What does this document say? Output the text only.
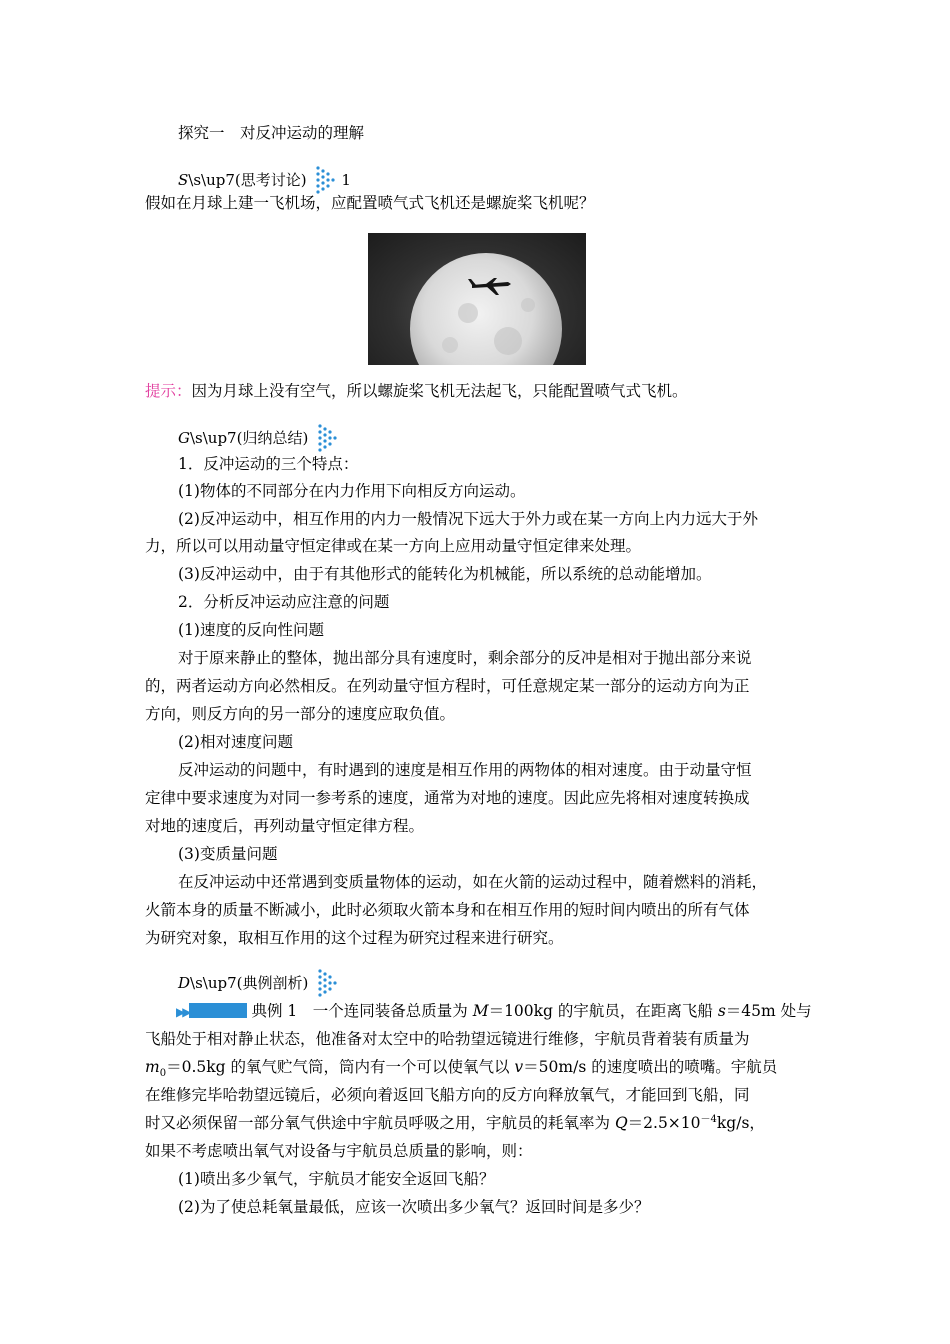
探究一　对反冲运动的理解
S\s\up7(思考讨论) 1
假如在月球上建一飞机场，应配置喷气式飞机还是螺旋桨飞机呢？
提示：因为月球上没有空气，所以螺旋桨飞机无法起飞，只能配置喷气式飞机。
G\s\up7(归纳总结)
1．反冲运动的三个特点：
(1)物体的不同部分在内力作用下向相反方向运动。
(2)反冲运动中，相互作用的内力一般情况下远大于外力或在某一方向上内力远大于外
力，所以可以用动量守恒定律或在某一方向上应用动量守恒定律来处理。
(3)反冲运动中，由于有其他形式的能转化为机械能，所以系统的总动能增加。
2．分析反冲运动应注意的问题
(1)速度的反向性问题
对于原来静止的整体，抛出部分具有速度时，剩余部分的反冲是相对于抛出部分来说
的，两者运动方向必然相反。在列动量守恒方程时，可任意规定某一部分的运动方向为正
方向，则反方向的另一部分的速度应取负值。
(2)相对速度问题
反冲运动的问题中，有时遇到的速度是相互作用的两物体的相对速度。由于动量守恒
定律中要求速度为对同一参考系的速度，通常为对地的速度。因此应先将相对速度转换成
对地的速度后，再列动量守恒定律方程。
(3)变质量问题
在反冲运动中还常遇到变质量物体的运动，如在火箭的运动过程中，随着燃料的消耗，
火箭本身的质量不断减小，此时必须取火箭本身和在相互作用的短时间内喷出的所有气体
为研究对象，取相互作用的这个过程为研究过程来进行研究。
D\s\up7(典例剖析)
▶▶	典例 1　一个连同装备总质量为 M＝100kg 的宇航员，在距离飞船 s＝45m 处与
飞船处于相对静止状态，他准备对太空中的哈勃望远镜进行维修，宇航员背着装有质量为
$m_0=0.5kg$ 的氧气贮气筒，筒内有一个可以使氧气以 v＝50m/s 的速度喷出的喷嘴。宇航员
在维修完毕哈勃望远镜后，必须向着返回飞船方向的反方向释放氧气，才能回到飞船，同
时又必须保留一部分氧气供途中宇航员呼吸之用，宇航员的耗氧率为 $Q=2.5\times 10^{-4}kg/s$，
如果不考虑喷出氧气对设备与宇航员总质量的影响，则：
(1)喷出多少氧气，宇航员才能安全返回飞船？
(2)为了使总耗氧量最低，应该一次喷出多少氧气？返回时间是多少？
